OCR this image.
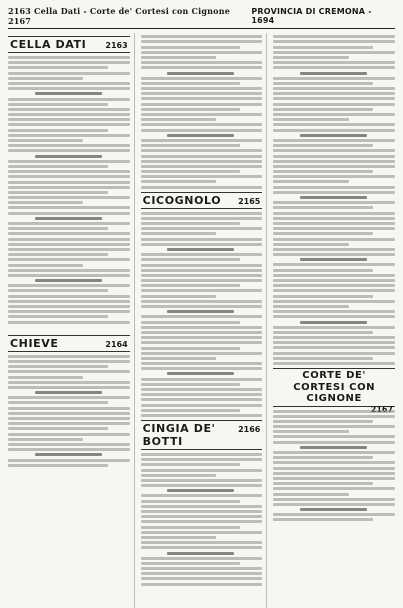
2163 Cella Dati - Corte de' Cortesi con Cignone 2167
PROVINCIA DI CREMONA - 1694
CELLA DATI 2163
CHIEVE	2164
CICOGNOLO 2165
CINGIA DE' BOTTI
2166
CORTE DE' CORTESI CON CIGNONE
